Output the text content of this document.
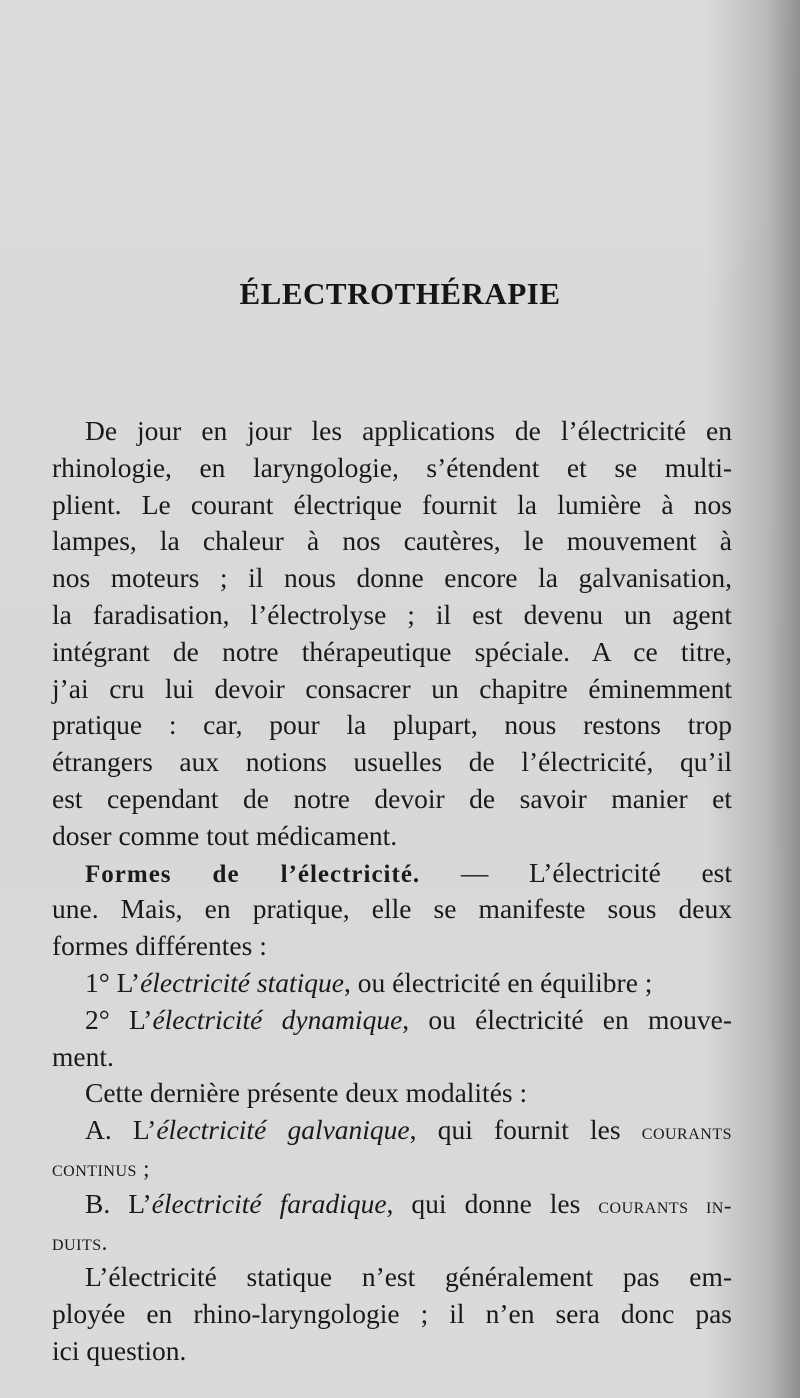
ÉLECTROTHÉRAPIE
De jour en jour les applications de l’électricité en
rhinologie, en laryngologie, s’étendent et se multi-
plient. Le courant électrique fournit la lumière à nos
lampes, la chaleur à nos cautères, le mouvement à
nos moteurs ; il nous donne encore la galvanisation,
la faradisation, l’électrolyse ; il est devenu un agent
intégrant de notre thérapeutique spéciale. A ce titre,
j’ai cru lui devoir consacrer un chapitre éminemment
pratique : car, pour la plupart, nous restons trop
étrangers aux notions usuelles de l’électricité, qu’il
est cependant de notre devoir de savoir manier et
doser comme tout médicament.
Formes de l’électricité. — L’électricité est
une. Mais, en pratique, elle se manifeste sous deux
formes différentes :
1° L’électricité statique, ou électricité en équilibre ;
2° L’électricité dynamique, ou électricité en mouve-
ment.
Cette dernière présente deux modalités :
A. L’électricité galvanique, qui fournit les courants
continus ;
B. L’électricité faradique, qui donne les courants in-
duits.
L’électricité statique n’est généralement pas em-
ployée en rhino-laryngologie ; il n’en sera donc pas
ici question.
